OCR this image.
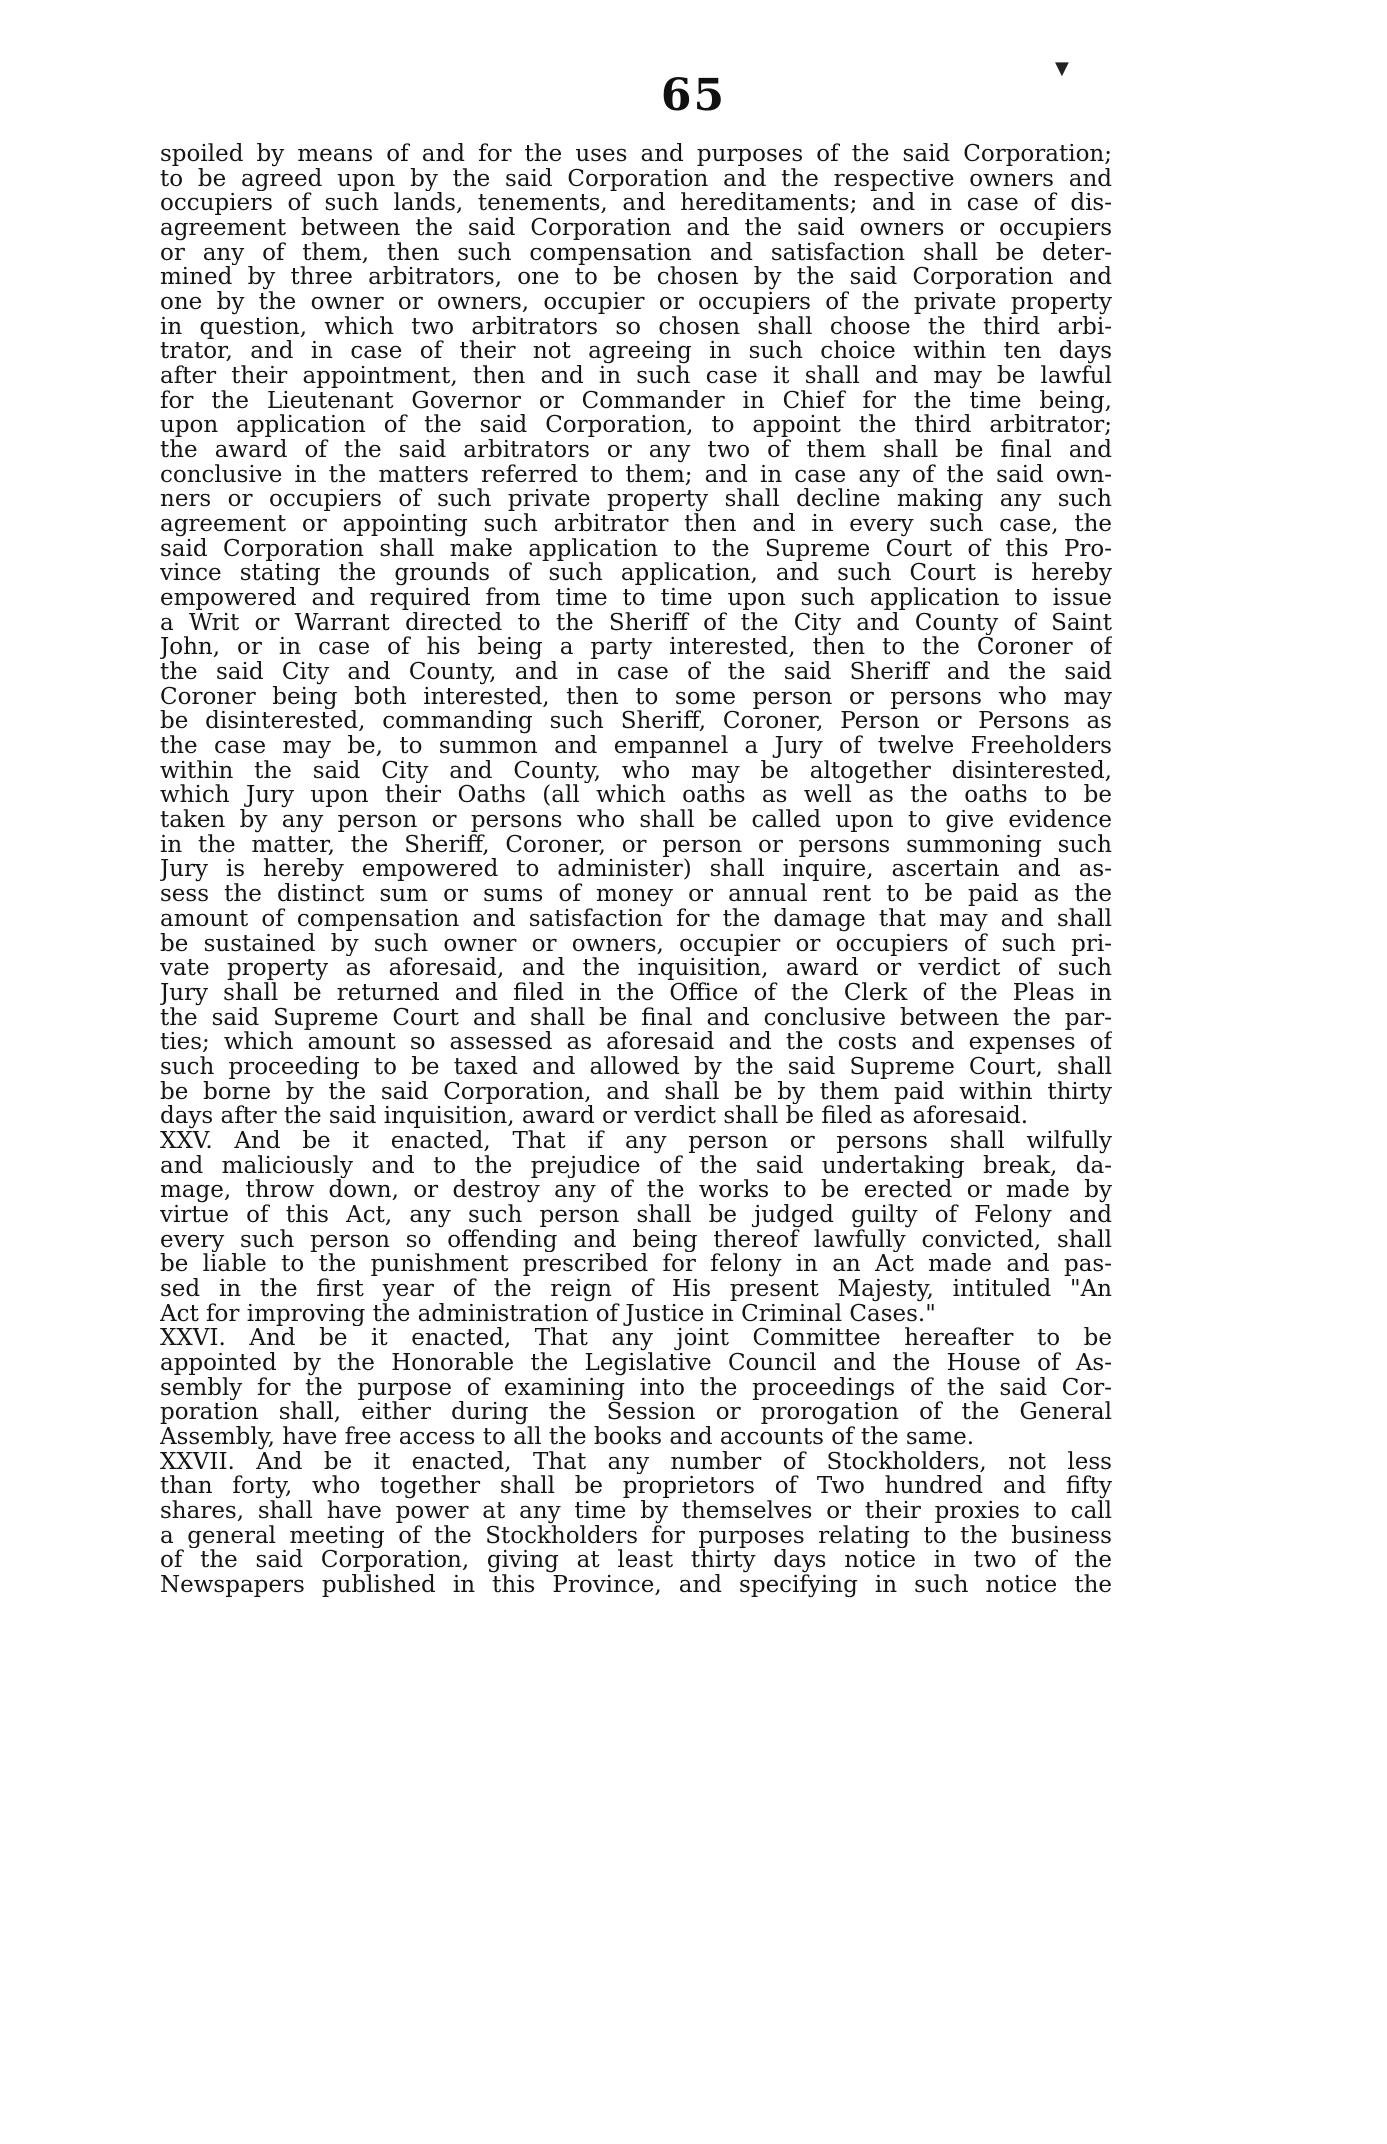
65
▼
spoiled by means of and for the uses and purposes of the said Corporation;
to be agreed upon by the said Corporation and the respective owners and
occupiers of such lands, tenements, and hereditaments; and in case of dis-
agreement between the said Corporation and the said owners or occupiers
or any of them, then such compensation and satisfaction shall be deter-
mined by three arbitrators, one to be chosen by the said Corporation and
one by the owner or owners, occupier or occupiers of the private property
in question, which two arbitrators so chosen shall choose the third arbi-
trator, and in case of their not agreeing in such choice within ten days
after their appointment, then and in such case it shall and may be lawful
for the Lieutenant Governor or Commander in Chief for the time being,
upon application of the said Corporation, to appoint the third arbitrator;
the award of the said arbitrators or any two of them shall be final and
conclusive in the matters referred to them; and in case any of the said own-
ners or occupiers of such private property shall decline making any such
agreement or appointing such arbitrator then and in every such case, the
said Corporation shall make application to the Supreme Court of this Pro-
vince stating the grounds of such application, and such Court is hereby
empowered and required from time to time upon such application to issue
a Writ or Warrant directed to the Sheriff of the City and County of Saint
John, or in case of his being a party interested, then to the Coroner of
the said City and County, and in case of the said Sheriff and the said
Coroner being both interested, then to some person or persons who may
be disinterested, commanding such Sheriff, Coroner, Person or Persons as
the case may be, to summon and empannel a Jury of twelve Freeholders
within the said City and County, who may be altogether disinterested,
which Jury upon their Oaths (all which oaths as well as the oaths to be
taken by any person or persons who shall be called upon to give evidence
in the matter, the Sheriff, Coroner, or person or persons summoning such
Jury is hereby empowered to administer) shall inquire, ascertain and as-
sess the distinct sum or sums of money or annual rent to be paid as the
amount of compensation and satisfaction for the damage that may and shall
be sustained by such owner or owners, occupier or occupiers of such pri-
vate property as aforesaid, and the inquisition, award or verdict of such
Jury shall be returned and filed in the Office of the Clerk of the Pleas in
the said Supreme Court and shall be final and conclusive between the par-
ties; which amount so assessed as aforesaid and the costs and expenses of
such proceeding to be taxed and allowed by the said Supreme Court, shall
be borne by the said Corporation, and shall be by them paid within thirty
days after the said inquisition, award or verdict shall be filed as aforesaid.
XXV. And be it enacted, That if any person or persons shall wilfully
and maliciously and to the prejudice of the said undertaking break, da-
mage, throw down, or destroy any of the works to be erected or made by
virtue of this Act, any such person shall be judged guilty of Felony and
every such person so offending and being thereof lawfully convicted, shall
be liable to the punishment prescribed for felony in an Act made and pas-
sed in the first year of the reign of His present Majesty, intituled "An
Act for improving the administration of Justice in Criminal Cases."
XXVI. And be it enacted, That any joint Committee hereafter to be
appointed by the Honorable the Legislative Council and the House of As-
sembly for the purpose of examining into the proceedings of the said Cor-
poration shall, either during the Session or prorogation of the General
Assembly, have free access to all the books and accounts of the same.
XXVII. And be it enacted, That any number of Stockholders, not less
than forty, who together shall be proprietors of Two hundred and fifty
shares, shall have power at any time by themselves or their proxies to call
a general meeting of the Stockholders for purposes relating to the business
of the said Corporation, giving at least thirty days notice in two of the
Newspapers published in this Province, and specifying in such notice the
